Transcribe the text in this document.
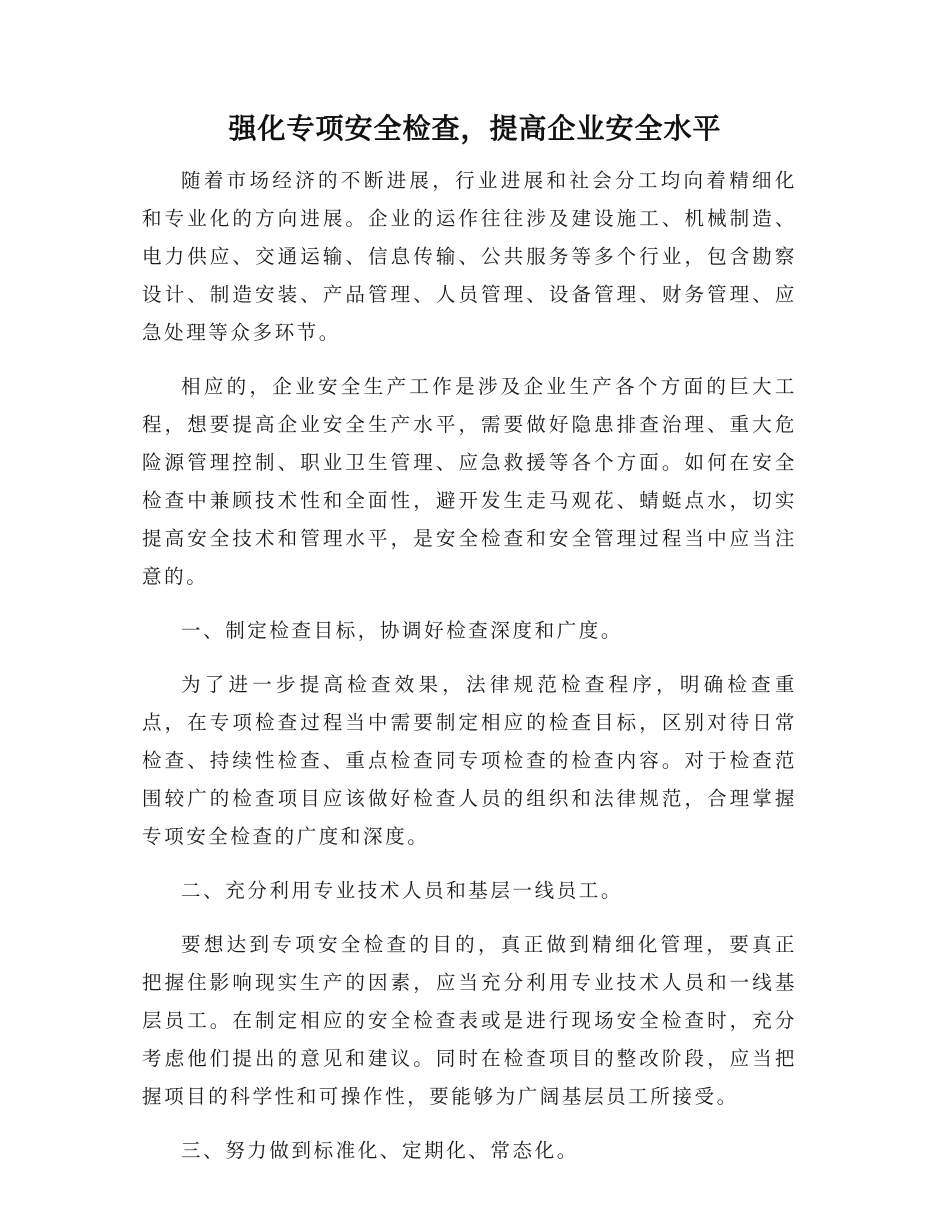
强化专项安全检查，提高企业安全水平

随着市场经济的不断进展，行业进展和社会分工均向着精细化和专业化的方向进展。企业的运作往往涉及建设施工、机械制造、电力供应、交通运输、信息传输、公共服务等多个行业，包含勘察设计、制造安装、产品管理、人员管理、设备管理、财务管理、应急处理等众多环节。

相应的，企业安全生产工作是涉及企业生产各个方面的巨大工程，想要提高企业安全生产水平，需要做好隐患排查治理、重大危险源管理控制、职业卫生管理、应急救援等各个方面。如何在安全检查中兼顾技术性和全面性，避开发生走马观花、蜻蜓点水，切实提高安全技术和管理水平，是安全检查和安全管理过程当中应当注意的。

一、制定检查目标，协调好检查深度和广度。

为了进一步提高检查效果，法律规范检查程序，明确检查重点，在专项检查过程当中需要制定相应的检查目标，区别对待日常检查、持续性检查、重点检查同专项检查的检查内容。对于检查范围较广的检查项目应该做好检查人员的组织和法律规范，合理掌握专项安全检查的广度和深度。

二、充分利用专业技术人员和基层一线员工。

要想达到专项安全检查的目的，真正做到精细化管理，要真正把握住影响现实生产的因素，应当充分利用专业技术人员和一线基层员工。在制定相应的安全检查表或是进行现场安全检查时，充分考虑他们提出的意见和建议。同时在检查项目的整改阶段，应当把握项目的科学性和可操作性，要能够为广阔基层员工所接受。

三、努力做到标准化、定期化、常态化。
